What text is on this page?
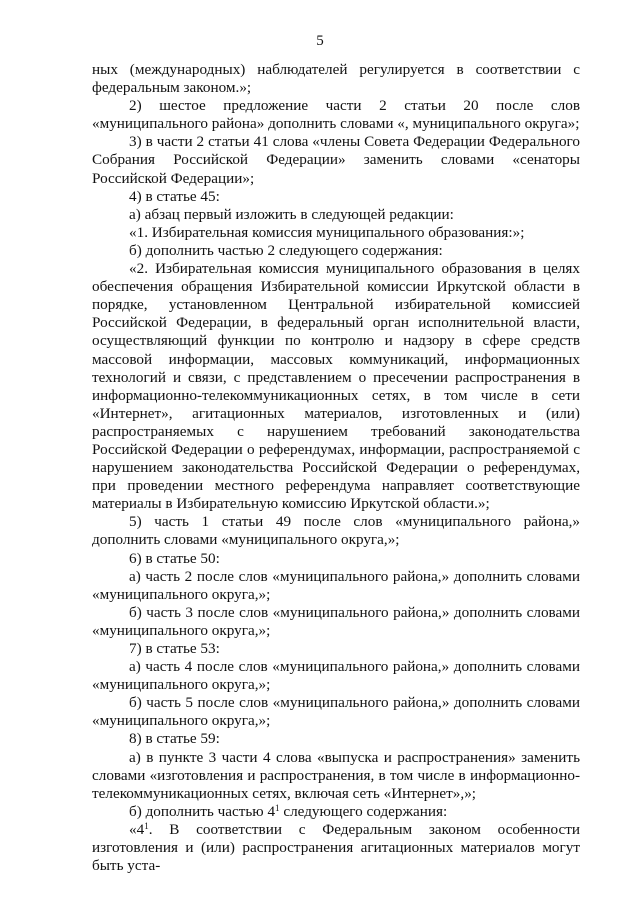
5

ных (международных) наблюдателей регулируется в соответствии с федеральным законом.»;

2) шестое предложение части 2 статьи 20 после слов «муниципального района» дополнить словами «, муниципального округа»;

3) в части 2 статьи 41 слова «члены Совета Федерации Федерального Собрания Российской Федерации» заменить словами «сенаторы Российской Федерации»;

4) в статье 45:

а) абзац первый изложить в следующей редакции:

«1. Избирательная комиссия муниципального образования:»;

б) дополнить частью 2 следующего содержания:

«2. Избирательная комиссия муниципального образования в целях обеспечения обращения Избирательной комиссии Иркутской области в порядке, установленном Центральной избирательной комиссией Российской Федерации, в федеральный орган исполнительной власти, осуществляющий функции по контролю и надзору в сфере средств массовой информации, массовых коммуникаций, информационных технологий и связи, с представлением о пресечении распространения в информационно-телекоммуникационных сетях, в том числе в сети «Интернет», агитационных материалов, изготовленных и (или) распространяемых с нарушением требований законодательства Российской Федерации о референдумах, информации, распространяемой с нарушением законодательства Российской Федерации о референдумах, при проведении местного референдума направляет соответствующие материалы в Избирательную комиссию Иркутской области.»;

5) часть 1 статьи 49 после слов «муниципального района,» дополнить словами «муниципального округа,»;

6) в статье 50:

а) часть 2 после слов «муниципального района,» дополнить словами «муниципального округа,»;

б) часть 3 после слов «муниципального района,» дополнить словами «муниципального округа,»;

7) в статье 53:

а) часть 4 после слов «муниципального района,» дополнить словами «муниципального округа,»;

б) часть 5 после слов «муниципального района,» дополнить словами «муниципального округа,»;

8) в статье 59:

а) в пункте 3 части 4 слова «выпуска и распространения» заменить словами «изготовления и распространения, в том числе в информационно-телекоммуникационных сетях, включая сеть «Интернет»,»;

б) дополнить частью $4^1$ следующего содержания:

«$4^1$. В соответствии с Федеральным законом особенности изготовления и (или) распространения агитационных материалов могут быть уста-
